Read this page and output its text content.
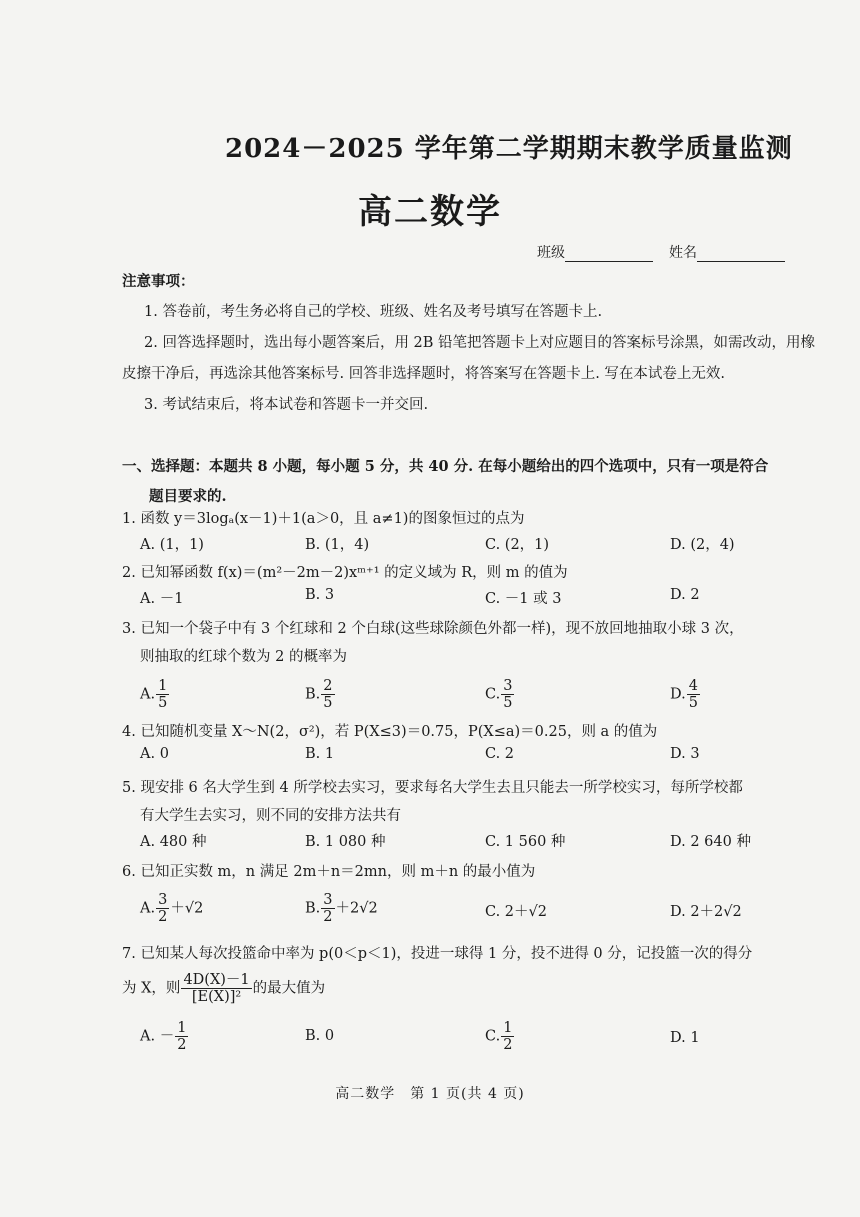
2024－2025 学年第二学期期末教学质量监测
高二数学
班级	姓名
注意事项：
1. 答卷前，考生务必将自己的学校、班级、姓名及考号填写在答题卡上.
2. 回答选择题时，选出每小题答案后，用 2B 铅笔把答题卡上对应题目的答案标号涂黑，如需改动，用橡皮擦干净后，再选涂其他答案标号. 回答非选择题时，将答案写在答题卡上. 写在本试卷上无效.
3. 考试结束后，将本试卷和答题卡一并交回.
一、选择题：本题共 8 小题，每小题 5 分，共 40 分. 在每小题给出的四个选项中，只有一项是符合
题目要求的.
1. 函数 y＝3logₐ(x－1)＋1(a＞0，且 a≠1)的图象恒过的点为
A. (1，1)	B. (1，4)	C. (2，1)	D. (2，4)
2. 已知幂函数 f(x)＝(m²－2m－2)xᵐ⁺¹ 的定义域为 R，则 m 的值为
A. －1	B. 3	C. －1 或 3	D. 2
3. 已知一个袋子中有 3 个红球和 2 个白球(这些球除颜色外都一样)，现不放回地抽取小球 3 次，
则抽取的红球个数为 2 的概率为
A. $\frac{1}{5}$	B. $\frac{2}{5}$	C. $\frac{3}{5}$	D. $\frac{4}{5}$
4. 已知随机变量 X～N(2，σ²)，若 P(X≤3)＝0.75，P(X≤a)＝0.25，则 a 的值为
A. 0	B. 1	C. 2	D. 3
5. 现安排 6 名大学生到 4 所学校去实习，要求每名大学生去且只能去一所学校实习，每所学校都
有大学生去实习，则不同的安排方法共有
A. 480 种	B. 1 080 种	C. 1 560 种	D. 2 640 种
6. 已知正实数 m，n 满足 2m＋n＝2mn，则 m＋n 的最小值为
A. $\frac{3}{2} +√2$	B. $\frac{3}{2} +2√2$	C. 2＋√2	D. 2＋2√2
7. 已知某人每次投篮命中率为 p(0＜p＜1)，投进一球得 1 分，投不进得 0 分，记投篮一次的得分
为 X，则 $\frac{4D(X)-1}{\text{[E(X)]²}}$ 的最大值为
A. － $\frac{1}{2}$	B. 0	C. $\frac{1}{2}$	D. 1
高二数学　第 1 页(共 4 页)
